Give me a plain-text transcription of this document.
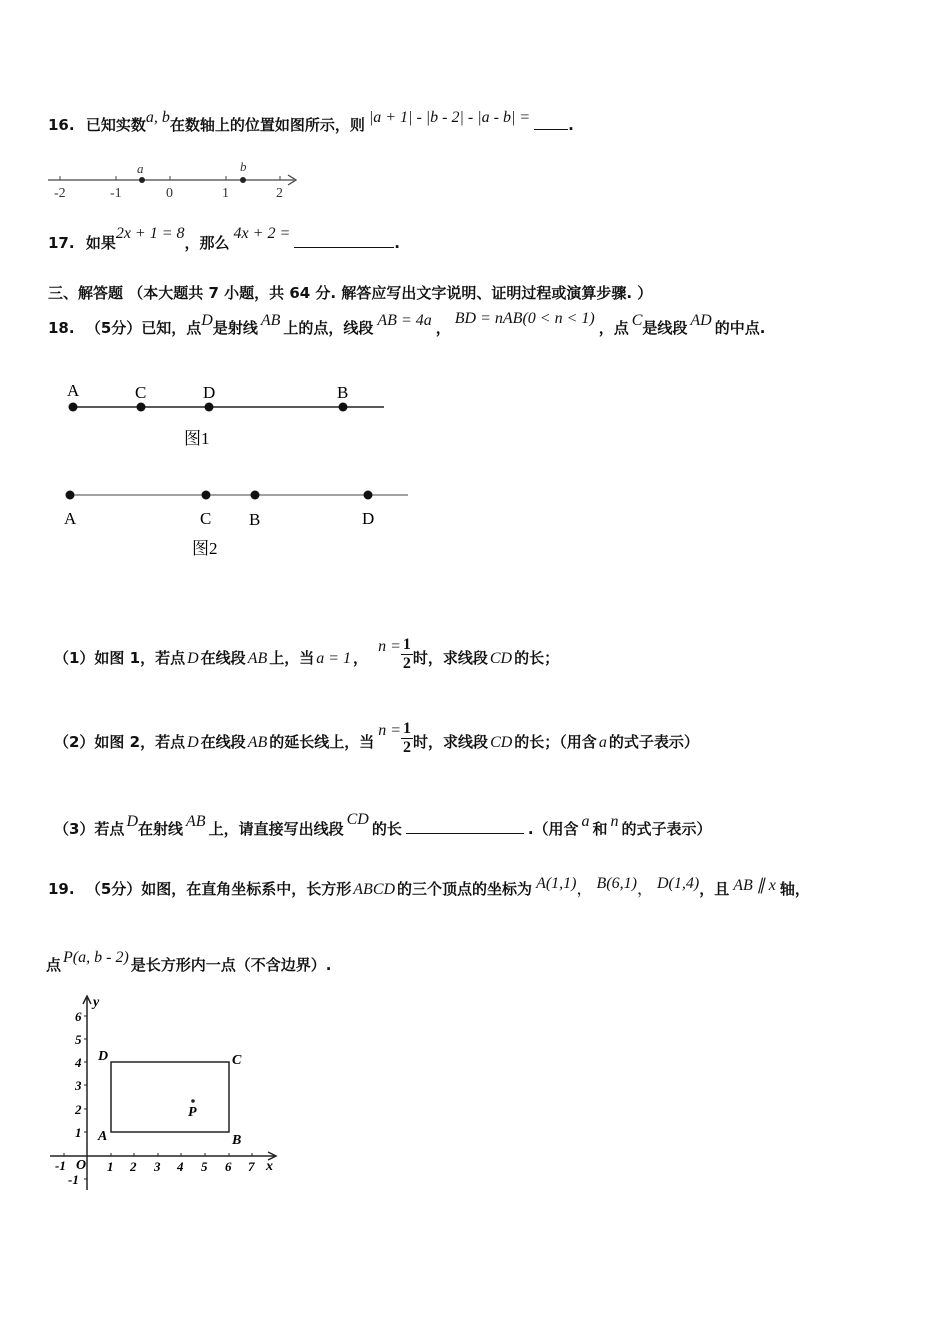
16. 已知实数a, b在数轴上的位置如图所示，则 |a + 1| - |b - 2| - |a - b| =	.
-2	-1	0	1	2
a	b
17. 如果2x + 1 = 8，那么4x + 2 =.
三、解答题 （本大题共 7 小题，共 64 分. 解答应写出文字说明、证明过程或演算步骤. ）
18. （5分）已知，点D是射线 AB 上的点，线段 AB = 4a ，BD = nAB(0 < n < 1)，点 C是线段 AD 的中点.
A	C	D	B
图1
A	C B	D
图2
（1）如图 1，若点 D 在线段 AB 上，当 a = 1 ，$n = \frac{1}{2}$ 时，求线段 CD 的长；
（2）如图 2，若点 D 在线段 AB 的延长线上，当$n = \frac{1}{2}$ 时，求线段 CD 的长；（用含 a 的式子表示）
（3）若点 D在射线 AB 上，请直接写出线段CD的长	.（用含 a 和 n 的式子表示）
19. （5分）如图，在直角坐标系中，长方形 ABCD 的三个顶点的坐标为 A(1,1)， B(6,1)， D(1,4)，且 AB ∥ x 轴，
点 P(a, b - 2) 是长方形内一点（不含边界）.
6
5
4
3
2
1
-1
-1	1 2 3 4 5 6 7
O	x
y
A	B
C
D
P
